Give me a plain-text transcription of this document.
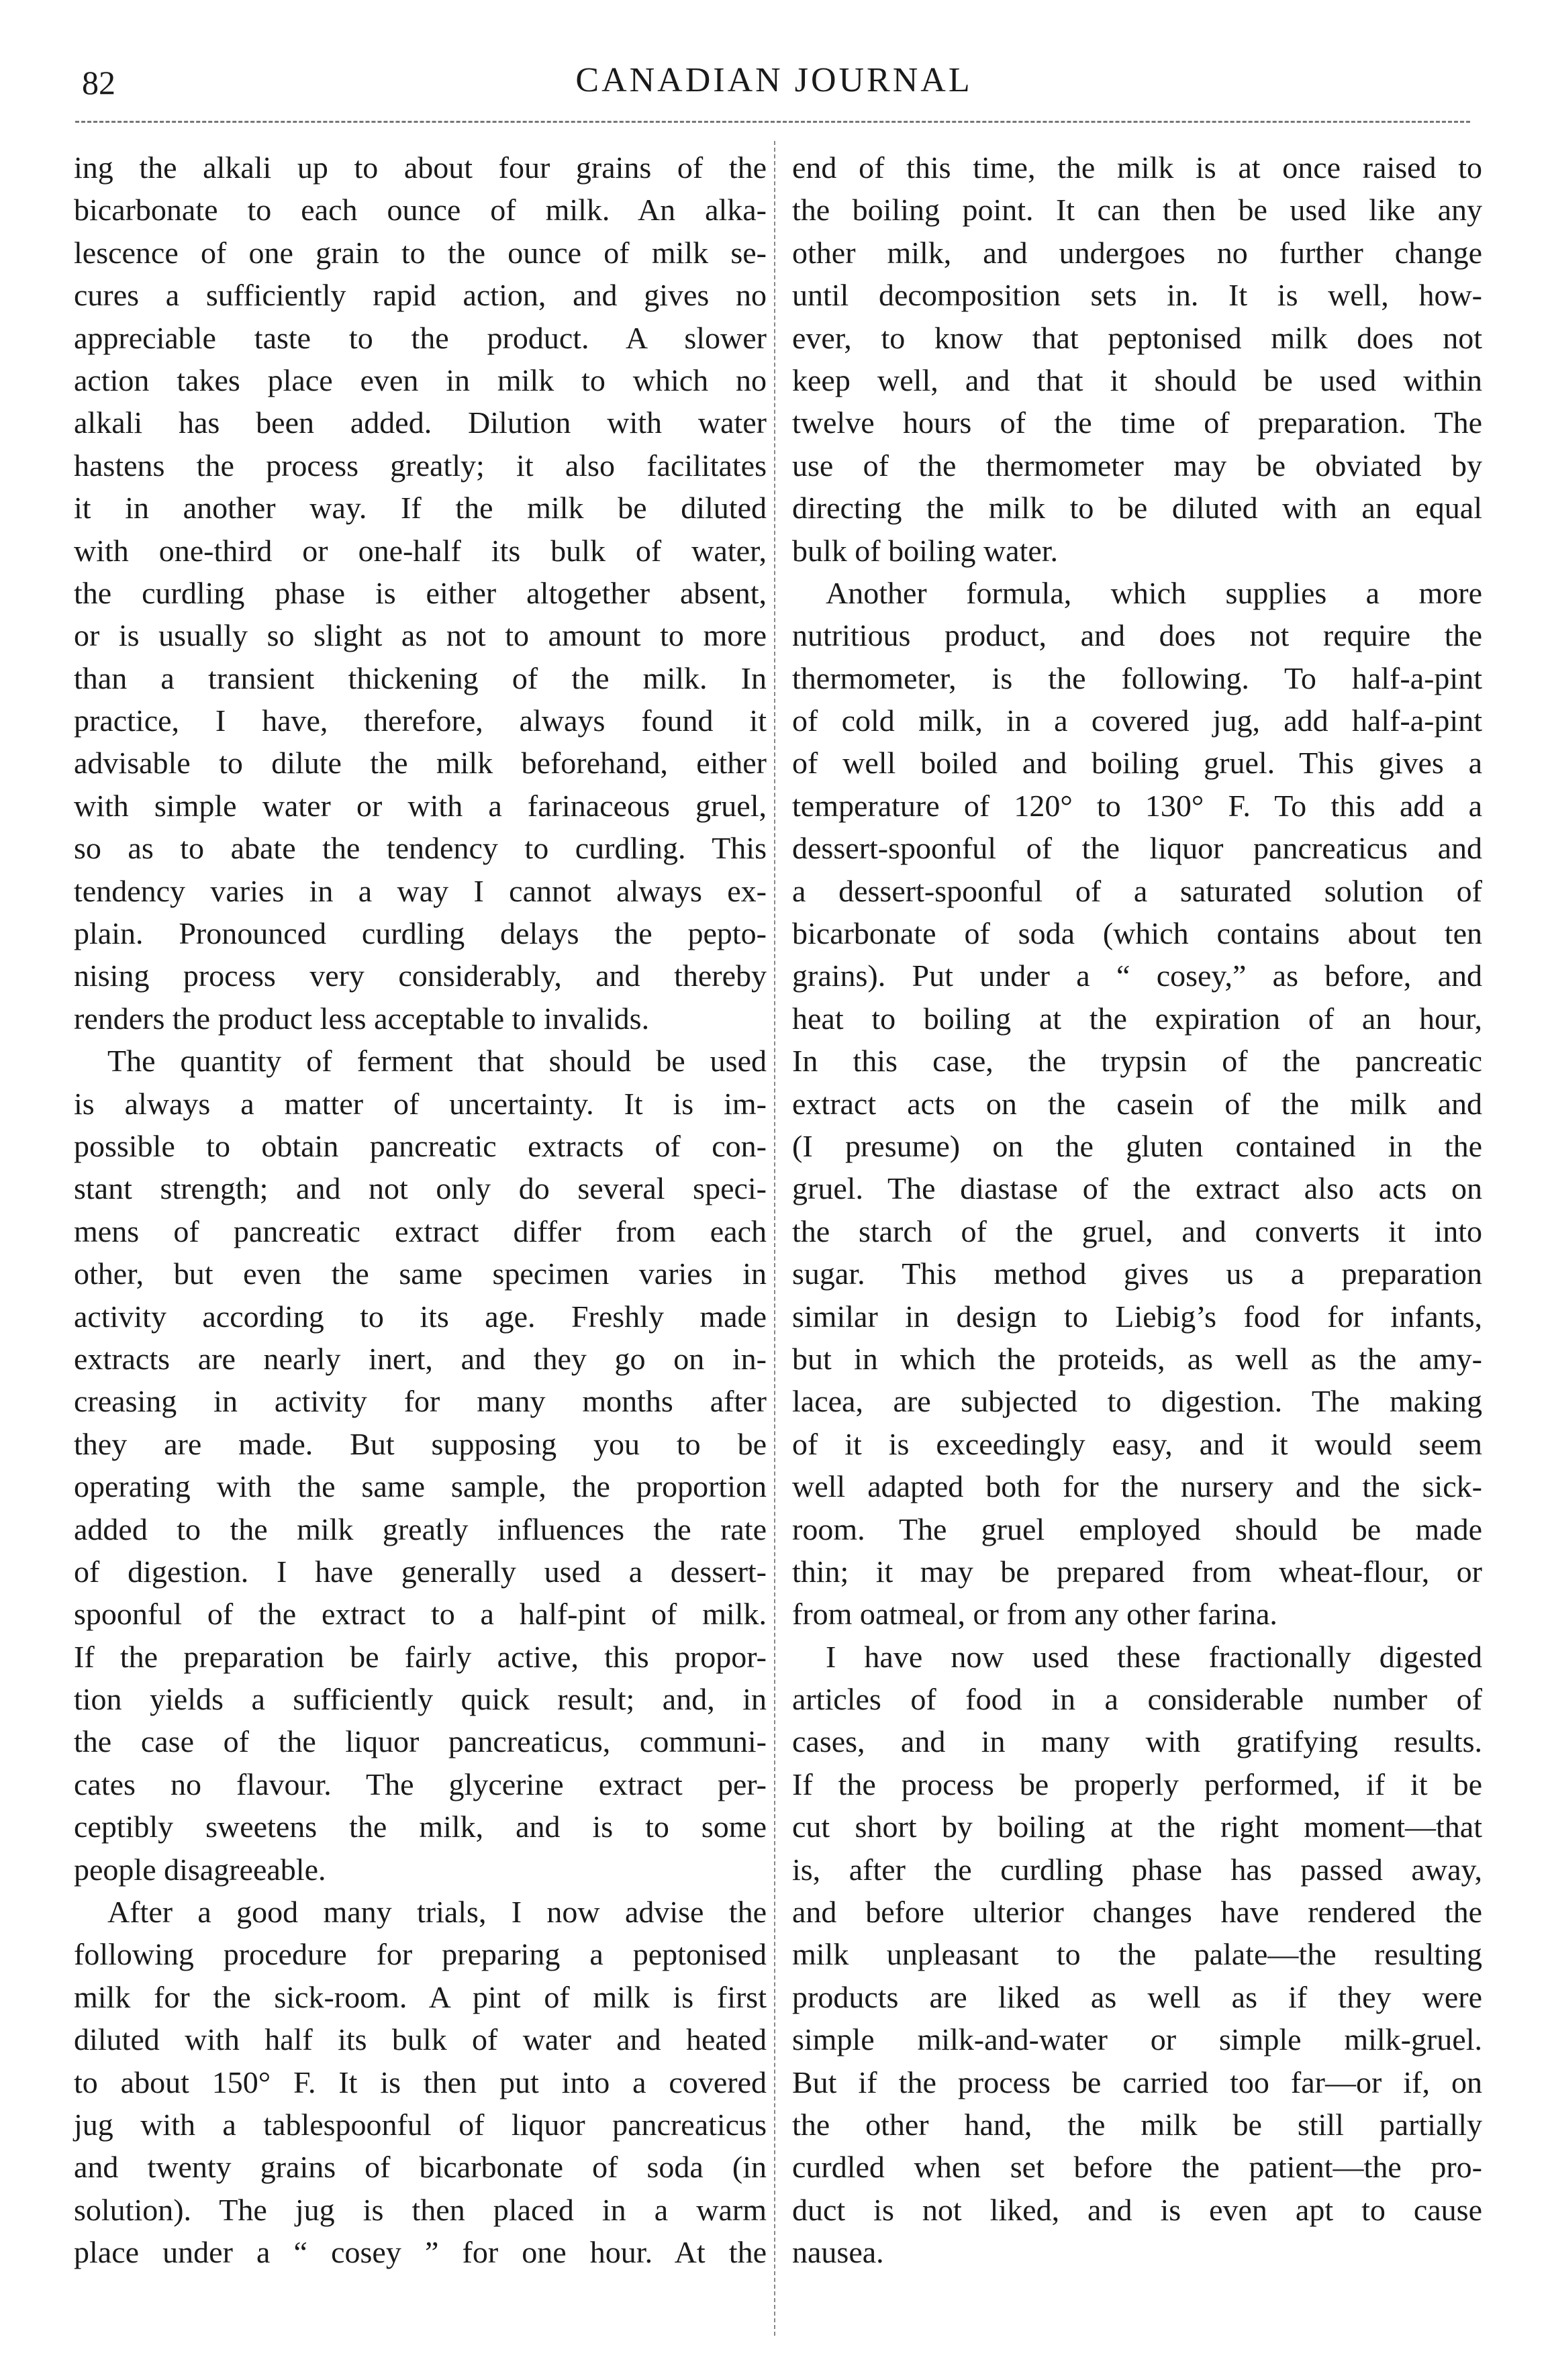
82	CANADIAN JOURNAL
ing the alkali up to about four grains of the
bicarbonate to each ounce of milk. An alka-
lescence of one grain to the ounce of milk se-
cures a sufficiently rapid action, and gives no
appreciable taste to the product. A slower
action takes place even in milk to which no
alkali has been added. Dilution with water
hastens the process greatly; it also facilitates
it in another way. If the milk be diluted
with one-third or one-half its bulk of water,
the curdling phase is either altogether absent,
or is usually so slight as not to amount to more
than a transient thickening of the milk. In
practice, I have, therefore, always found it
advisable to dilute the milk beforehand, either
with simple water or with a farinaceous gruel,
so as to abate the tendency to curdling. This
tendency varies in a way I cannot always ex-
plain. Pronounced curdling delays the pepto-
nising process very considerably, and thereby
renders the product less acceptable to invalids.
The quantity of ferment that should be used
is always a matter of uncertainty. It is im-
possible to obtain pancreatic extracts of con-
stant strength; and not only do several speci-
mens of pancreatic extract differ from each
other, but even the same specimen varies in
activity according to its age. Freshly made
extracts are nearly inert, and they go on in-
creasing in activity for many months after
they are made. But supposing you to be
operating with the same sample, the proportion
added to the milk greatly influences the rate
of digestion. I have generally used a dessert-
spoonful of the extract to a half-pint of milk.
If the preparation be fairly active, this propor-
tion yields a sufficiently quick result; and, in
the case of the liquor pancreaticus, communi-
cates no flavour. The glycerine extract per-
ceptibly sweetens the milk, and is to some
people disagreeable.
After a good many trials, I now advise the
following procedure for preparing a peptonised
milk for the sick-room. A pint of milk is first
diluted with half its bulk of water and heated
to about 150° F. It is then put into a covered
jug with a tablespoonful of liquor pancreaticus
and twenty grains of bicarbonate of soda (in
solution). The jug is then placed in a warm
place under a “ cosey ” for one hour. At the
end of this time, the milk is at once raised to
the boiling point. It can then be used like any
other milk, and undergoes no further change
until decomposition sets in. It is well, how-
ever, to know that peptonised milk does not
keep well, and that it should be used within
twelve hours of the time of preparation. The
use of the thermometer may be obviated by
directing the milk to be diluted with an equal
bulk of boiling water.
Another formula, which supplies a more
nutritious product, and does not require the
thermometer, is the following. To half-a-pint
of cold milk, in a covered jug, add half-a-pint
of well boiled and boiling gruel. This gives a
temperature of 120° to 130° F. To this add a
dessert-spoonful of the liquor pancreaticus and
a dessert-spoonful of a saturated solution of
bicarbonate of soda (which contains about ten
grains). Put under a “ cosey,” as before, and
heat to boiling at the expiration of an hour,
In this case, the trypsin of the pancreatic
extract acts on the casein of the milk and
(I presume) on the gluten contained in the
gruel. The diastase of the extract also acts on
the starch of the gruel, and converts it into
sugar. This method gives us a preparation
similar in design to Liebig’s food for infants,
but in which the proteids, as well as the amy-
lacea, are subjected to digestion. The making
of it is exceedingly easy, and it would seem
well adapted both for the nursery and the sick-
room. The gruel employed should be made
thin; it may be prepared from wheat-flour, or
from oatmeal, or from any other farina.
I have now used these fractionally digested
articles of food in a considerable number of
cases, and in many with gratifying results.
If the process be properly performed, if it be
cut short by boiling at the right moment—that
is, after the curdling phase has passed away,
and before ulterior changes have rendered the
milk unpleasant to the palate—the resulting
products are liked as well as if they were
simple milk-and-water or simple milk-gruel.
But if the process be carried too far—or if, on
the other hand, the milk be still partially
curdled when set before the patient—the pro-
duct is not liked, and is even apt to cause
nausea.
